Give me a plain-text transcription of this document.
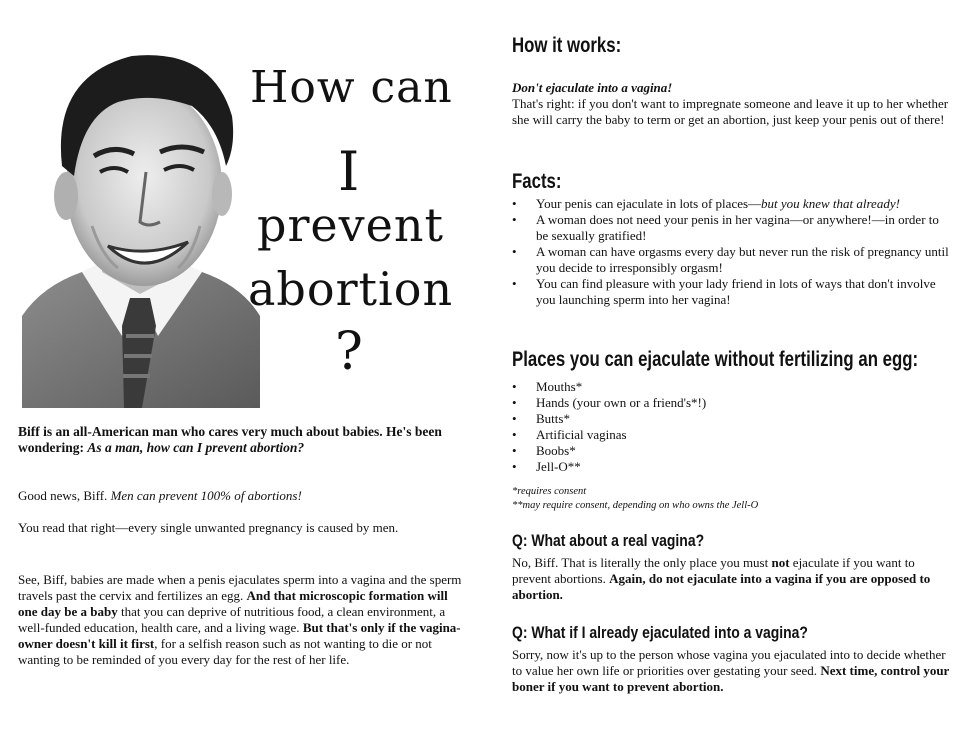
How can
I
prevent
abortion
?

Biff is an all-American man who cares very much about babies. He's been wondering: As a man, how can I prevent abortion?

Good news, Biff. Men can prevent 100% of abortions!

You read that right—every single unwanted pregnancy is caused by men.

See, Biff, babies are made when a penis ejaculates sperm into a vagina and the sperm travels past the cervix and fertilizes an egg. And that microscopic formation will one day be a baby that you can deprive of nutritious food, a clean environment, a well-funded education, health care, and a living wage. But that's only if the vagina-owner doesn't kill it first, for a selfish reason such as not wanting to die or not wanting to be reminded of you every day for the rest of her life.

How it works:

Don't ejaculate into a vagina!
That's right: if you don't want to impregnate someone and leave it up to her whether she will carry the baby to term or get an abortion, just keep your penis out of there!

Facts:
• Your penis can ejaculate in lots of places—but you knew that already!
• A woman does not need your penis in her vagina—or anywhere!—in order to be sexually gratified!
• A woman can have orgasms every day but never run the risk of pregnancy until you decide to irresponsibly orgasm!
• You can find pleasure with your lady friend in lots of ways that don't involve you launching sperm into her vagina!
Places you can ejaculate without fertilizing an egg:
• Mouths*
• Hands (your own or a friend's*!)
• Butts*
• Artificial vaginas
• Boobs*
• Jell-O**
*requires consent
**may require consent, depending on who owns the Jell-O
Q: What about a real vagina?

No, Biff. That is literally the only place you must not ejaculate if you want to prevent abortions. Again, do not ejaculate into a vagina if you are opposed to abortion.

Q: What if I already ejaculated into a vagina?

Sorry, now it's up to the person whose vagina you ejaculated into to decide whether to value her own life or priorities over gestating your seed. Next time, control your boner if you want to prevent abortion.
